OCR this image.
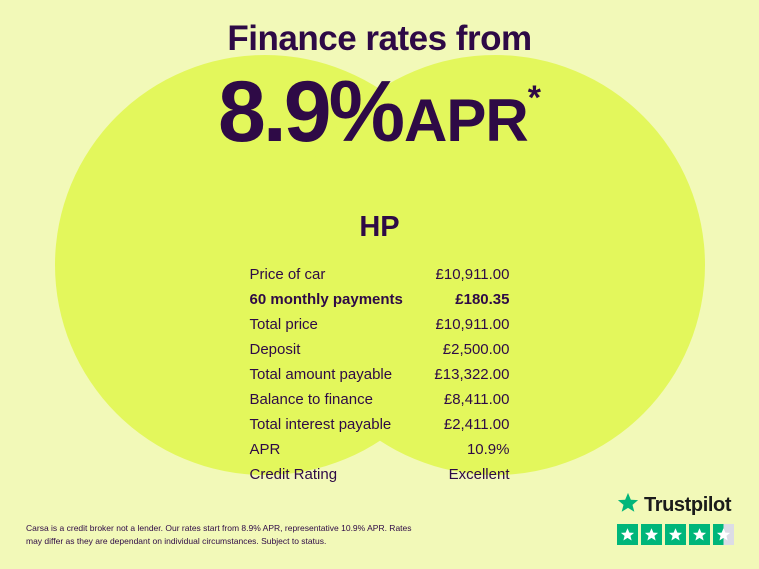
Finance rates from
8.9%APR*
HP
Price of car	£10,911.00
60 monthly payments	£180.35
Total price	£10,911.00
Deposit	£2,500.00
Total amount payable	£13,322.00
Balance to finance	£8,411.00
Total interest payable	£2,411.00
APR	10.9%
Credit Rating	Excellent
Carsa is a credit broker not a lender. Our rates start from 8.9% APR, representative 10.9% APR. Rates may differ as they are dependant on individual circumstances. Subject to status.
Trustpilot
